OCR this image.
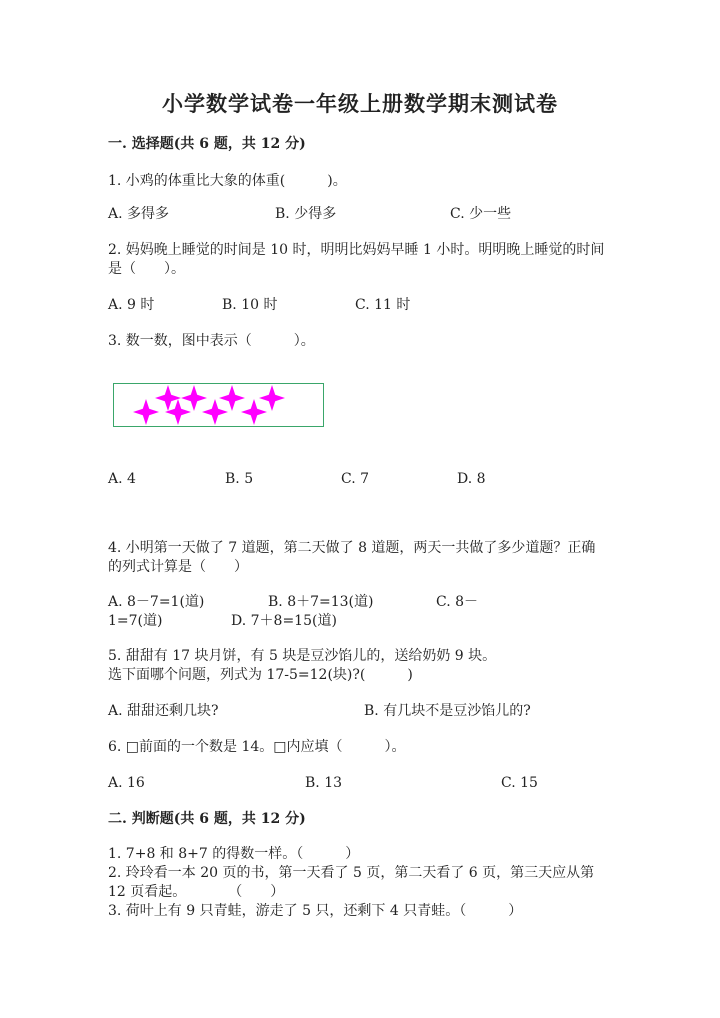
小学数学试卷一年级上册数学期末测试卷
一. 选择题(共 6 题，共 12 分)
1. 小鸡的体重比大象的体重(　　　)。
A. 多得多	B. 少得多	C. 少一些
2. 妈妈晚上睡觉的时间是 10 时，明明比妈妈早睡 1 小时。明明晚上睡觉的时间
是（　　）。
A. 9 时	B. 10 时	C. 11 时
3. 数一数，图中表示（　　　）。
A. 4	B. 5	C. 7	D. 8
4. 小明第一天做了 7 道题，第二天做了 8 道题，两天一共做了多少道题？正确
的列式计算是（　　）
A. 8－7=1(道)	B. 8＋7=13(道)	C. 8－
1=7(道)	D. 7＋8=15(道)
5. 甜甜有 17 块月饼，有 5 块是豆沙馅儿的，送给奶奶 9 块。
选下面哪个问题，列式为 17-5=12(块)?(　　　)
A. 甜甜还剩几块?	B. 有几块不是豆沙馅儿的?
6. □前面的一个数是 14。□内应填（　　　）。
A. 16	B. 13	C. 15
二. 判断题(共 6 题，共 12 分)
1. 7+8 和 8+7 的得数一样。（　　　）
2. 玲玲看一本 20 页的书，第一天看了 5 页，第二天看了 6 页，第三天应从第
12 页看起。　　　　（　　）
3. 荷叶上有 9 只青蛙，游走了 5 只，还剩下 4 只青蛙。（　　　）
